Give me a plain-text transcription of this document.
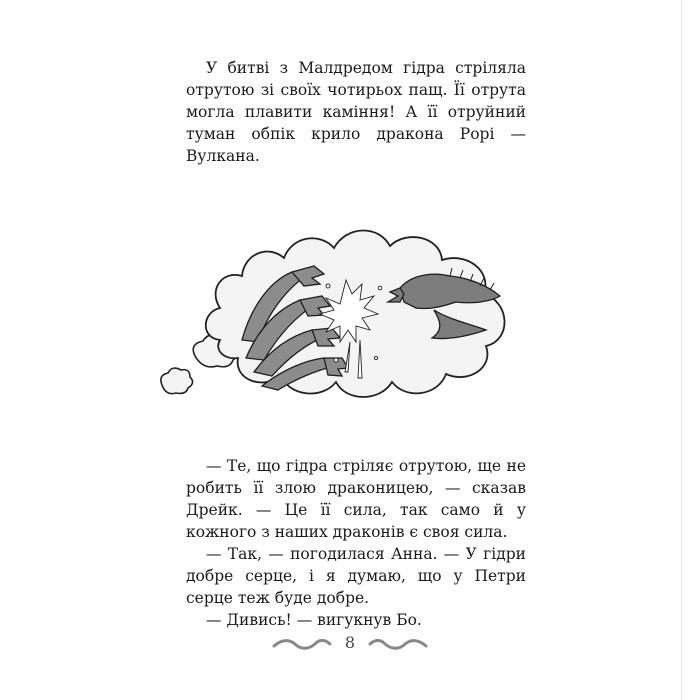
У битві з Малдредом гідра стріляла отрутою зі своїх чотирьох пащ. Її отрута могла плавити каміння! А її отруйний туман обпік крило дракона Рорі — Вулкана.

— Те, що гідра стріляє отрутою, ще не робить її злою драконицею, — сказав Дрейк. — Це її сила, так само й у кожного з наших драконів є своя сила.

— Так, — погодилася Анна. — У гідри добре серце, і я думаю, що у Петри серце теж буде добре.

— Дивись! — вигукнув Бо.

8
